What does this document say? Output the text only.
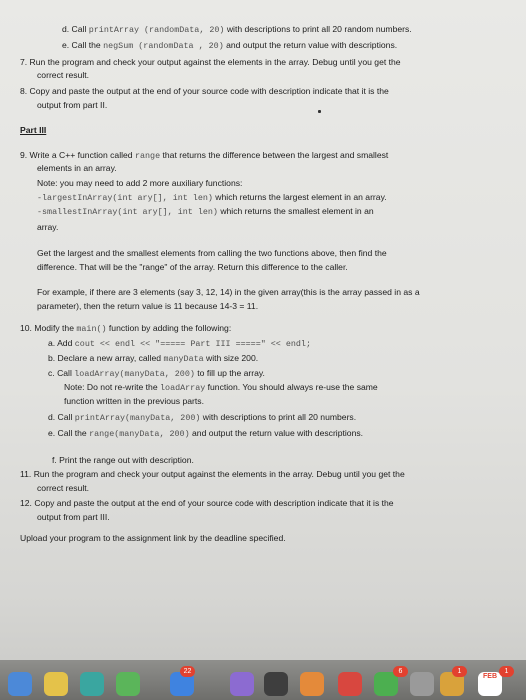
d. Call printArray (randomData, 20) with descriptions to print all 20 random numbers.
e. Call the negSum (randomData , 20) and output the return value with descriptions.
7. Run the program and check your output against the elements in the array. Debug until you get the
correct result.
8. Copy and paste the output at the end of your source code with description indicate that it is the
output from part II.
Part III
9. Write a C++ function called range that returns the difference between the largest and smallest
elements in an array.
Note: you may need to add 2 more auxiliary functions:
-largestInArray(int ary[], int len) which returns the largest element in an array.
-smallestInArray(int ary[], int len) which returns the smallest element in an
array.
Get the largest and the smallest elements from calling the two functions above, then find the
difference. That will be the "range" of the array. Return this difference to the caller.
For example, if there are 3 elements (say 3, 12, 14) in the given array(this is the array passed in as a
parameter), then the return value is 11 because 14-3 = 11.
10. Modify the main() function by adding the following:
a. Add cout << endl << "===== Part III =====" << endl;
b. Declare a new array, called manyData with size 200.
c. Call loadArray(manyData, 200) to fill up the array.
Note: Do not re-write the loadArray function. You should always re-use the same
function written in the previous parts.
d. Call printArray(manyData, 200) with descriptions to print all 20 numbers.
e. Call the range(manyData, 200) and output the return value with descriptions.
f. Print the range out with description.
11. Run the program and check your output against the elements in the array. Debug until you get the
correct result.
12. Copy and paste the output at the end of your source code with description indicate that it is the
output from part III.
Upload your program to the assignment link by the deadline specified.
22	6	1
FEB
1
